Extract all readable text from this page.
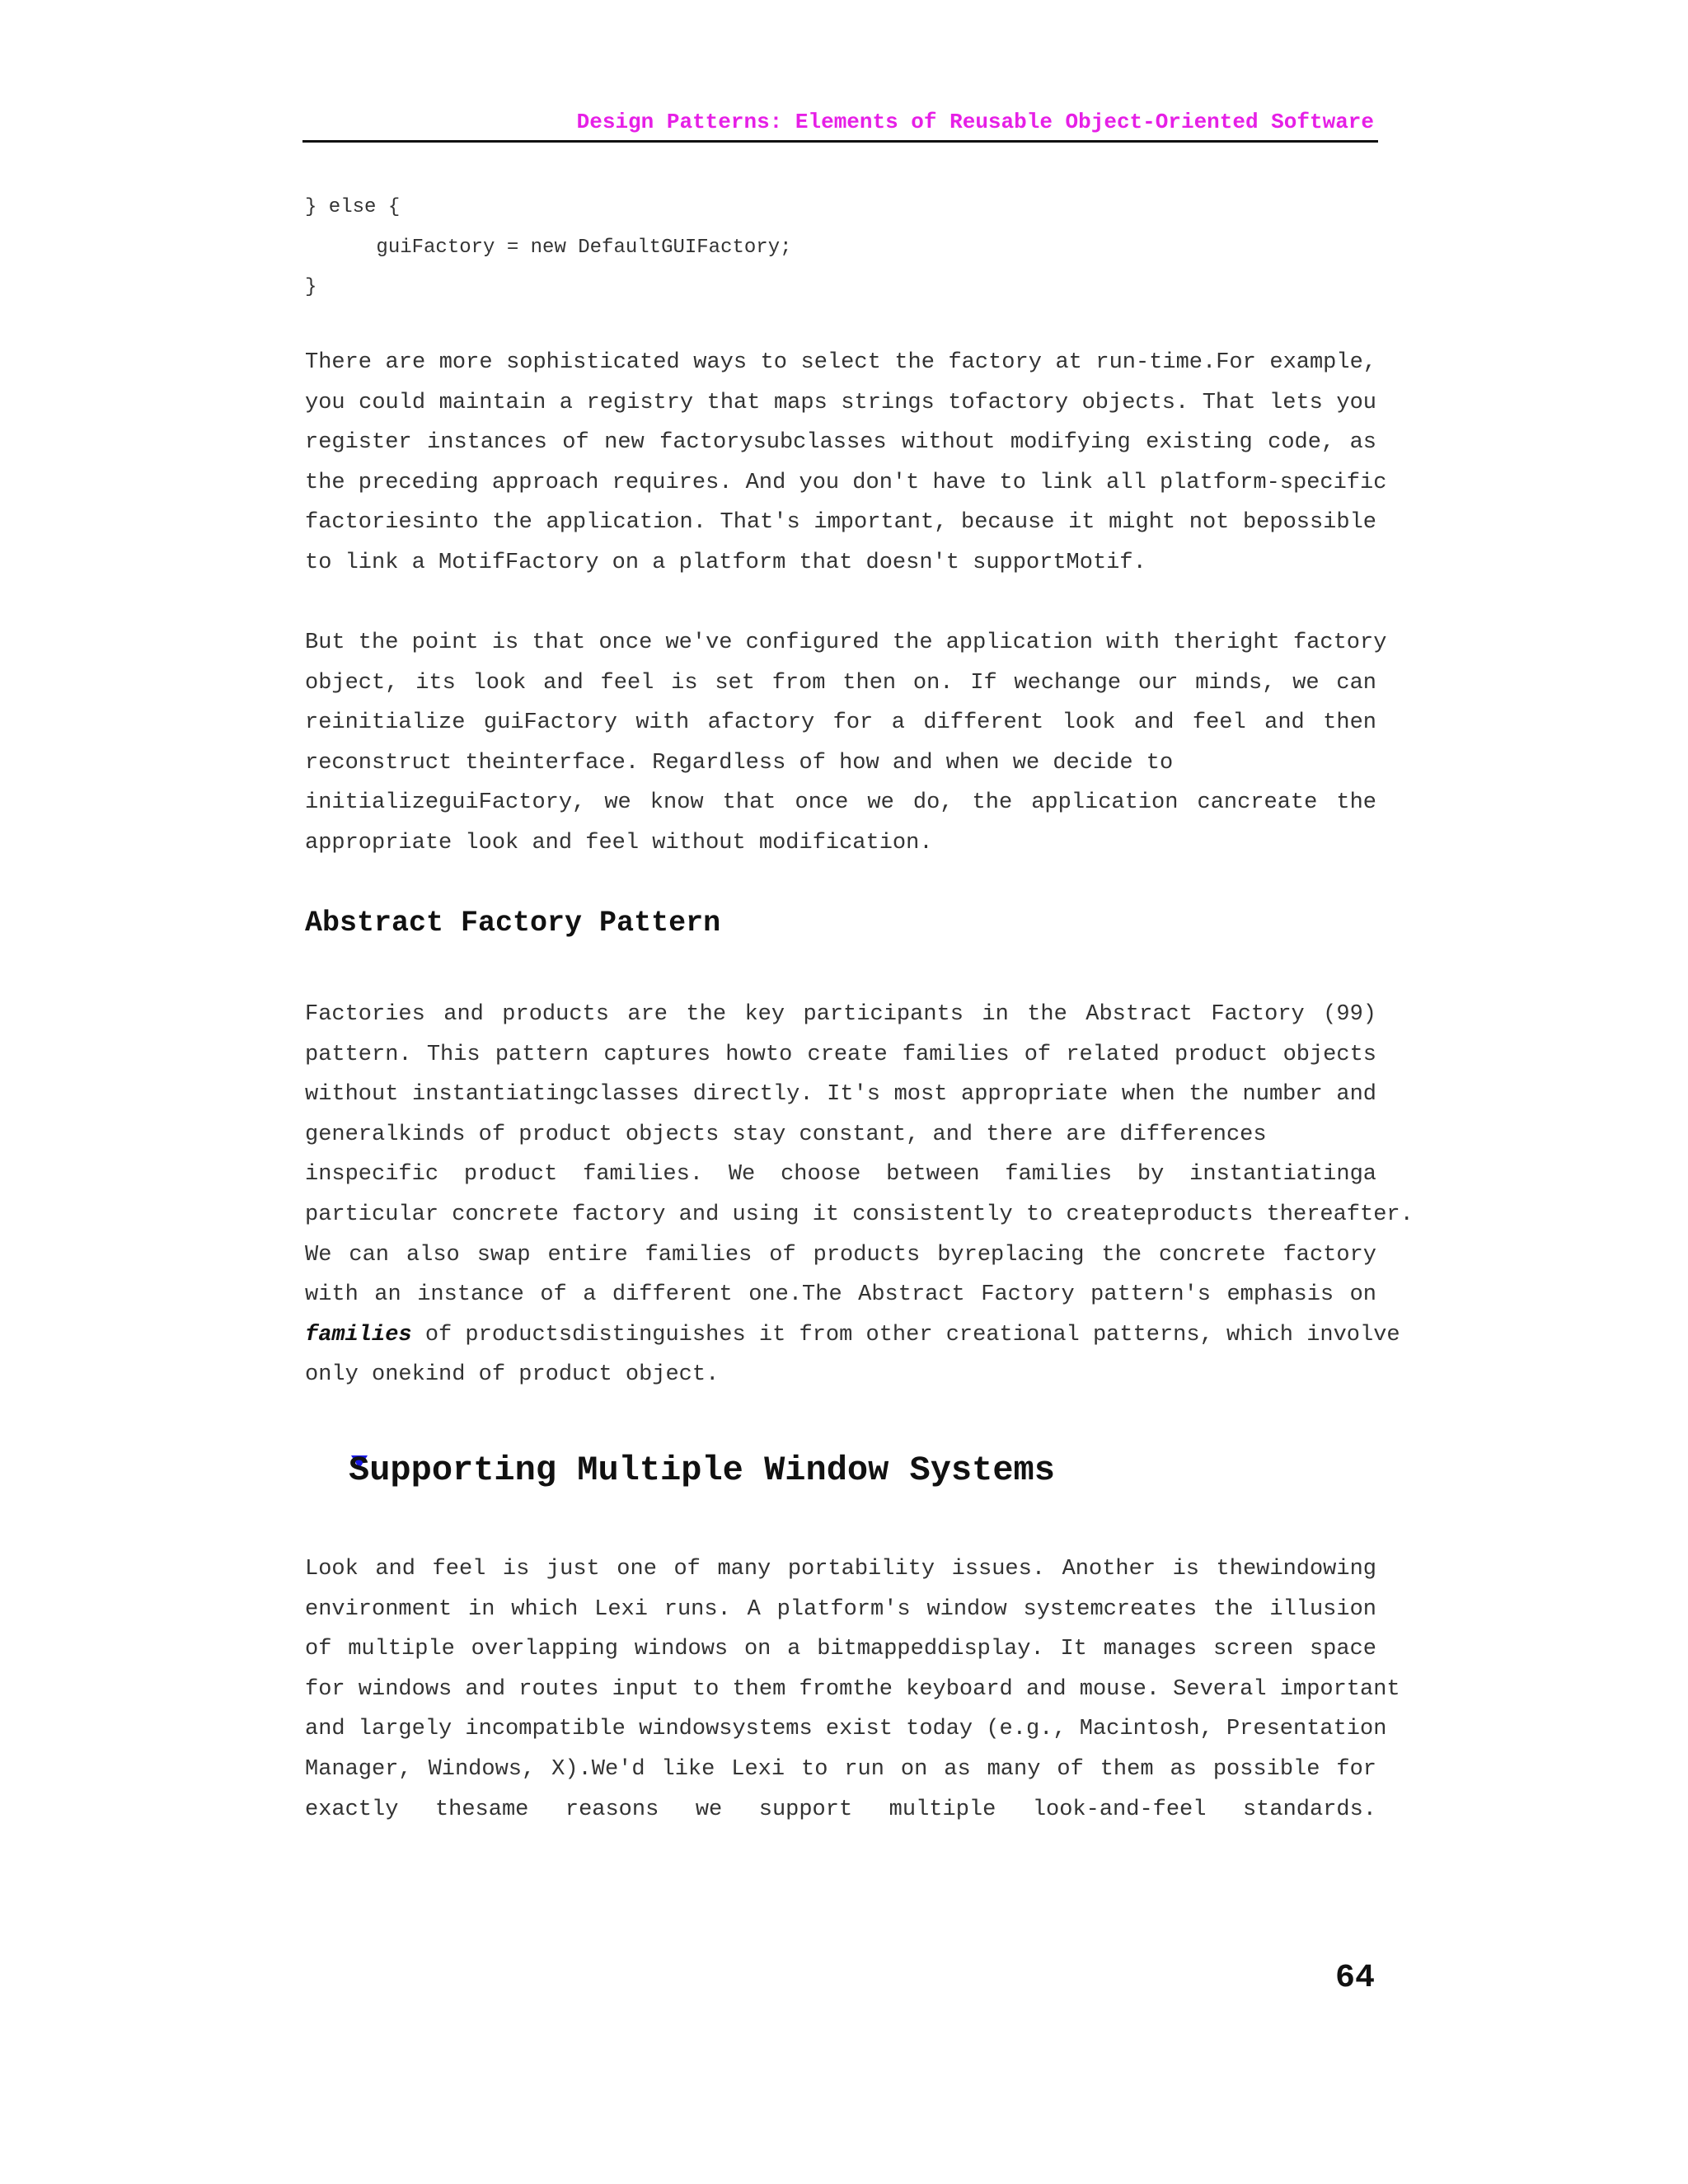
Design Patterns: Elements of Reusable Object-Oriented Software
} else {
guiFactory = new DefaultGUIFactory;
}
There are more sophisticated ways to select the factory at run-time.For example,
you could maintain a registry that maps strings tofactory objects. That lets you
register instances of new factorysubclasses without modifying existing code, as
the preceding approach requires. And you don't have to link all platform-specific
factoriesinto the application. That's important, because it might not bepossible
to link a MotifFactory on a platform that doesn't supportMotif.
But the point is that once we've configured the application with theright factory
object, its look and feel is set from then on. If wechange our minds, we can
reinitialize guiFactory with afactory for a different look and feel and then
reconstruct theinterface. Regardless of how and when we decide to
initializeguiFactory, we know that once we do, the application cancreate the
appropriate look and feel without modification.
Abstract Factory Pattern
Factories and products are the key participants in the Abstract Factory (99)
pattern. This pattern captures howto create families of related product objects
without instantiatingclasses directly. It's most appropriate when the number and
generalkinds of product objects stay constant, and there are differences
inspecific product families. We choose between families by instantiatinga
particular concrete factory and using it consistently to createproducts thereafter.
We can also swap entire families of products byreplacing the concrete factory
with an instance of a different one.The Abstract Factory pattern's emphasis on
families of productsdistinguishes it from other creational patterns, which involve
only onekind of product object.
Supporting Multiple Window Systems
Look and feel is just one of many portability issues. Another is thewindowing
environment in which Lexi runs. A platform's window systemcreates the illusion
of multiple overlapping windows on a bitmappeddisplay. It manages screen space
for windows and routes input to them fromthe keyboard and mouse. Several important
and largely incompatible windowsystems exist today (e.g., Macintosh, Presentation
Manager, Windows, X).We'd like Lexi to run on as many of them as possible for
exactly thesame reasons we support multiple look-and-feel standards.
64
